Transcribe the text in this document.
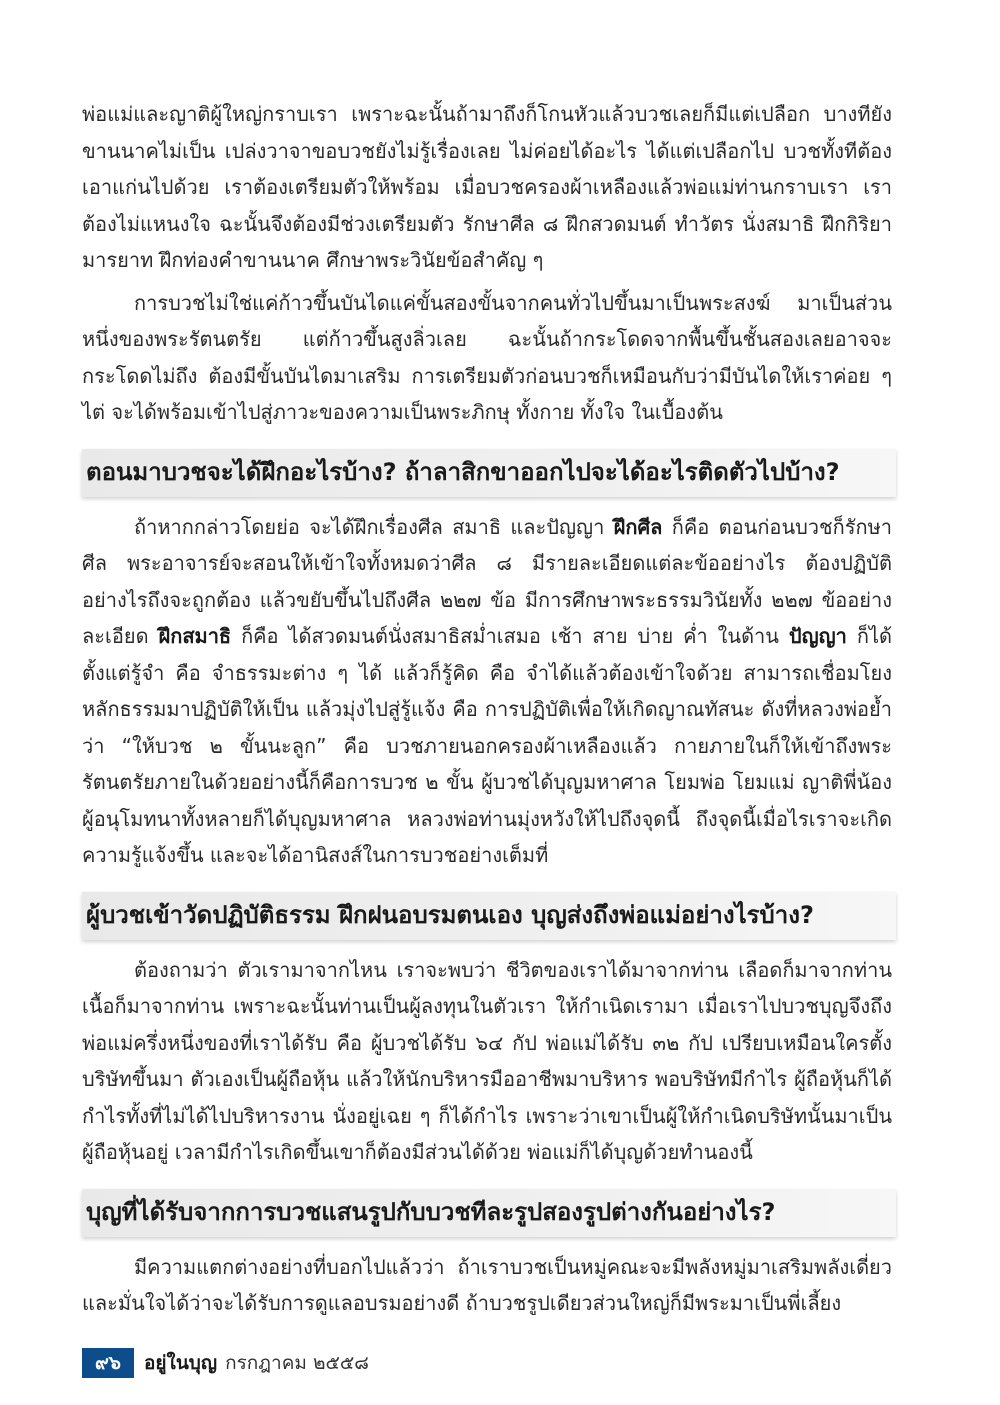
พ่อแม่และญาติผู้ใหญ่กราบเรา เพราะฉะนั้นถ้ามาถึงก็โกนหัวแล้วบวชเลยก็มีแต่เปลือก บางทียังขานนาคไม่เป็น เปล่งวาจาขอบวชยังไม่รู้เรื่องเลย ไม่ค่อยได้อะไร ได้แต่เปลือกไป บวชทั้งทีต้องเอาแก่นไปด้วย เราต้องเตรียมตัวให้พร้อม เมื่อบวชครองผ้าเหลืองแล้วพ่อแม่ท่านกราบเรา เราต้องไม่แหนงใจ ฉะนั้นจึงต้องมีช่วงเตรียมตัว รักษาศีล ๘ ฝึกสวดมนต์ ทำวัตร นั่งสมาธิ ฝึกกิริยามารยาท ฝึกท่องคำขานนาค ศึกษาพระวินัยข้อสำคัญ ๆ

การบวชไม่ใช่แค่ก้าวขึ้นบันไดแค่ขั้นสองขั้นจากคนทั่วไปขึ้นมาเป็นพระสงฆ์ มาเป็นส่วนหนึ่งของพระรัตนตรัย แต่ก้าวขึ้นสูงลิ่วเลย ฉะนั้นถ้ากระโดดจากพื้นขึ้นชั้นสองเลยอาจจะกระโดดไม่ถึง ต้องมีขั้นบันไดมาเสริม การเตรียมตัวก่อนบวชก็เหมือนกับว่ามีบันไดให้เราค่อย ๆ ไต่ จะได้พร้อมเข้าไปสู่ภาวะของความเป็นพระภิกษุ ทั้งกาย ทั้งใจ ในเบื้องต้น

ตอนมาบวชจะได้ฝึกอะไรบ้าง? ถ้าลาสิกขาออกไปจะได้อะไรติดตัวไปบ้าง?

ถ้าหากกล่าวโดยย่อ จะได้ฝึกเรื่องศีล สมาธิ และปัญญา ฝึกศีล ก็คือ ตอนก่อนบวชก็รักษาศีล พระอาจารย์จะสอนให้เข้าใจทั้งหมดว่าศีล ๘ มีรายละเอียดแต่ละข้ออย่างไร ต้องปฏิบัติอย่างไรถึงจะถูกต้อง แล้วขยับขึ้นไปถึงศีล ๒๒๗ ข้อ มีการศึกษาพระธรรมวินัยทั้ง ๒๒๗ ข้ออย่างละเอียด ฝึกสมาธิ ก็คือ ได้สวดมนต์นั่งสมาธิสม่ำเสมอ เช้า สาย บ่าย ค่ำ ในด้าน ปัญญา ก็ได้ตั้งแต่รู้จำ คือ จำธรรมะต่าง ๆ ได้ แล้วก็รู้คิด คือ จำได้แล้วต้องเข้าใจด้วย สามารถเชื่อมโยงหลักธรรมมาปฏิบัติให้เป็น แล้วมุ่งไปสู่รู้แจ้ง คือ การปฏิบัติเพื่อให้เกิดญาณทัสนะ ดังที่หลวงพ่อย้ำว่า “ให้บวช ๒ ขั้นนะลูก” คือ บวชภายนอกครองผ้าเหลืองแล้ว กายภายในก็ให้เข้าถึงพระรัตนตรัยภายในด้วยอย่างนี้ก็คือการบวช ๒ ขั้น ผู้บวชได้บุญมหาศาล โยมพ่อ โยมแม่ ญาติพี่น้อง ผู้อนุโมทนาทั้งหลายก็ได้บุญมหาศาล หลวงพ่อท่านมุ่งหวังให้ไปถึงจุดนี้ ถึงจุดนี้เมื่อไรเราจะเกิดความรู้แจ้งขึ้น และจะได้อานิสงส์ในการบวชอย่างเต็มที่

ผู้บวชเข้าวัดปฏิบัติธรรม ฝึกฝนอบรมตนเอง บุญส่งถึงพ่อแม่อย่างไรบ้าง?

ต้องถามว่า ตัวเรามาจากไหน เราจะพบว่า ชีวิตของเราได้มาจากท่าน เลือดก็มาจากท่าน เนื้อก็มาจากท่าน เพราะฉะนั้นท่านเป็นผู้ลงทุนในตัวเรา ให้กำเนิดเรามา เมื่อเราไปบวชบุญจึงถึงพ่อแม่ครึ่งหนึ่งของที่เราได้รับ คือ ผู้บวชได้รับ ๖๔ กัป พ่อแม่ได้รับ ๓๒ กัป เปรียบเหมือนใครตั้งบริษัทขึ้นมา ตัวเองเป็นผู้ถือหุ้น แล้วให้นักบริหารมืออาชีพมาบริหาร พอบริษัทมีกำไร ผู้ถือหุ้นก็ได้กำไรทั้งที่ไม่ได้ไปบริหารงาน นั่งอยู่เฉย ๆ ก็ได้กำไร เพราะว่าเขาเป็นผู้ให้กำเนิดบริษัทนั้นมาเป็นผู้ถือหุ้นอยู่ เวลามีกำไรเกิดขึ้นเขาก็ต้องมีส่วนได้ด้วย พ่อแม่ก็ได้บุญด้วยทำนองนี้

บุญที่ได้รับจากการบวชแสนรูปกับบวชทีละรูปสองรูปต่างกันอย่างไร?

มีความแตกต่างอย่างที่บอกไปแล้วว่า ถ้าเราบวชเป็นหมู่คณะจะมีพลังหมู่มาเสริมพลังเดี่ยวและมั่นใจได้ว่าจะได้รับการดูแลอบรมอย่างดี ถ้าบวชรูปเดียวส่วนใหญ่ก็มีพระมาเป็นพี่เลี้ยง

๙๖	อยู่ในบุญ กรกฎาคม ๒๕๕๘
